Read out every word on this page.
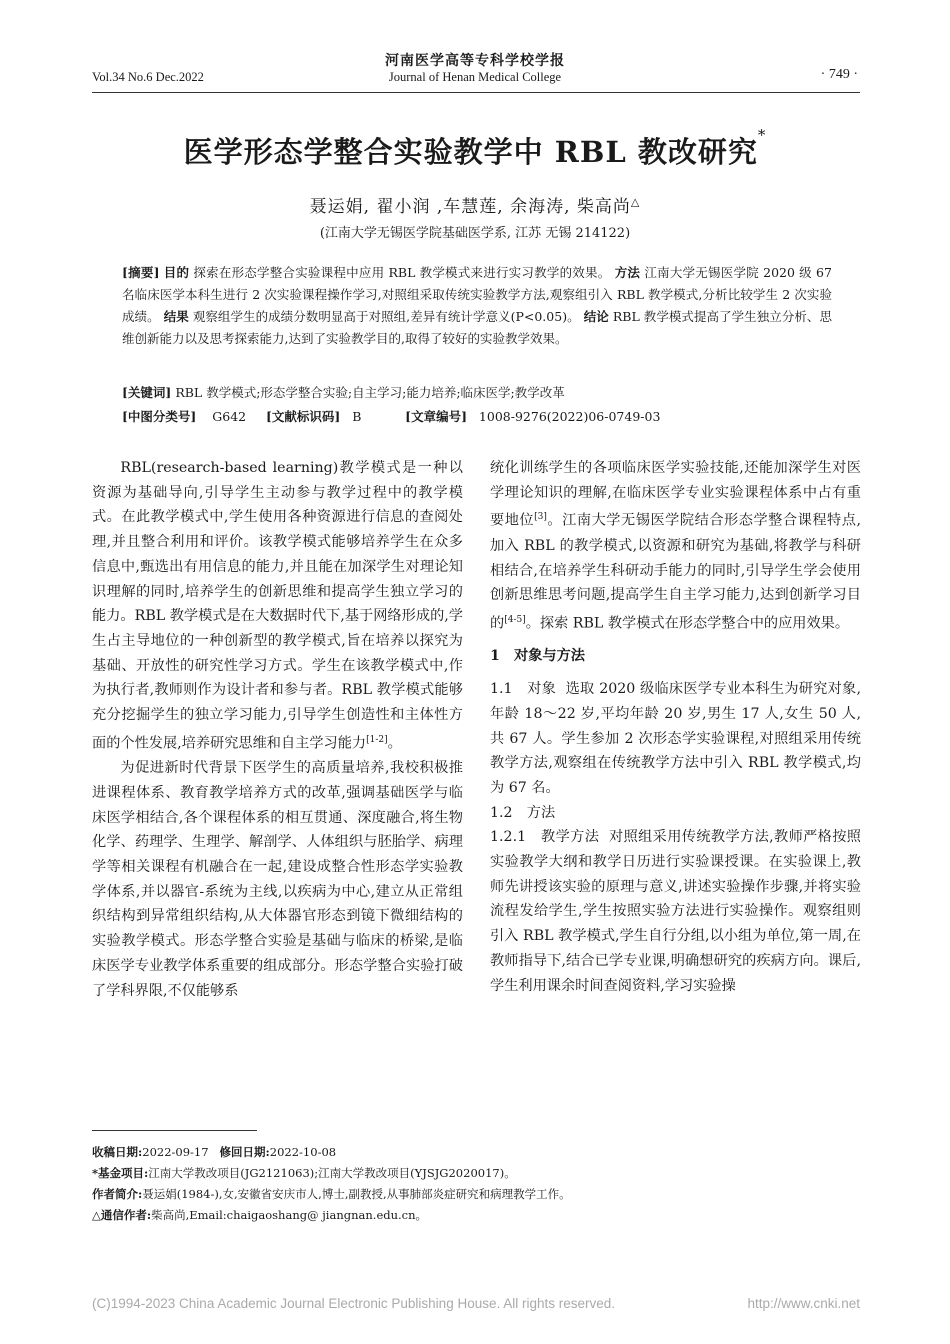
河南医学高等专科学校学报
Vol.34 No.6 Dec.2022	Journal of Henan Medical College	· 749 ·
医学形态学整合实验教学中 RBL 教改研究*
聂运娟, 翟小润 ,车慧莲, 余海涛, 柴高尚△
(江南大学无锡医学院基础医学系, 江苏 无锡 214122)
[摘要] 目的 探索在形态学整合实验课程中应用 RBL 教学模式来进行实习教学的效果。 方法 江南大学无锡医学院 2020 级 67 名临床医学本科生进行 2 次实验课程操作学习,对照组采取传统实验教学方法,观察组引入 RBL 教学模式,分析比较学生 2 次实验成绩。 结果 观察组学生的成绩分数明显高于对照组,差异有统计学意义(P<0.05)。 结论 RBL 教学模式提高了学生独立分析、思维创新能力以及思考探索能力,达到了实验教学目的,取得了较好的实验教学效果。
[关键词] RBL 教学模式;形态学整合实验;自主学习;能力培养;临床医学;教学改革
[中图分类号] G642 [文献标识码] B	[文章编号] 1008-9276(2022)06-0749-03

RBL(research-based learning)教学模式是一种以资源为基础导向,引导学生主动参与教学过程中的教学模式。在此教学模式中,学生使用各种资源进行信息的查阅处理,并且整合利用和评价。该教学模式能够培养学生在众多信息中,甄选出有用信息的能力,并且能在加深学生对理论知识理解的同时,培养学生的创新思维和提高学生独立学习的能力。RBL 教学模式是在大数据时代下,基于网络形成的,学生占主导地位的一种创新型的教学模式,旨在培养以探究为基础、开放性的研究性学习方式。学生在该教学模式中,作为执行者,教师则作为设计者和参与者。RBL 教学模式能够充分挖掘学生的独立学习能力,引导学生创造性和主体性方面的个性发展,培养研究思维和自主学习能力[1-2]。

为促进新时代背景下医学生的高质量培养,我校积极推进课程体系、教育教学培养方式的改革,强调基础医学与临床医学相结合,各个课程体系的相互贯通、深度融合,将生物化学、药理学、生理学、解剖学、人体组织与胚胎学、病理学等相关课程有机融合在一起,建设成整合性形态学实验教学体系,并以器官-系统为主线,以疾病为中心,建立从正常组织结构到异常组织结构,从大体器官形态到镜下微细结构的实验教学模式。形态学整合实验是基础与临床的桥梁,是临床医学专业教学体系重要的组成部分。形态学整合实验打破了学科界限,不仅能够系

统化训练学生的各项临床医学实验技能,还能加深学生对医学理论知识的理解,在临床医学专业实验课程体系中占有重要地位[3]。江南大学无锡医学院结合形态学整合课程特点,加入 RBL 的教学模式,以资源和研究为基础,将教学与科研相结合,在培养学生科研动手能力的同时,引导学生学会使用创新思维思考问题,提高学生自主学习能力,达到创新学习目的[4-5]。探索 RBL 教学模式在形态学整合中的应用效果。

1　对象与方法

1.1　对象 选取 2020 级临床医学专业本科生为研究对象,年龄 18～22 岁,平均年龄 20 岁,男生 17 人,女生 50 人,共 67 人。学生参加 2 次形态学实验课程,对照组采用传统教学方法,观察组在传统教学方法中引入 RBL 教学模式,均为 67 名。

1.2　方法

1.2.1　教学方法 对照组采用传统教学方法,教师严格按照实验教学大纲和教学日历进行实验课授课。在实验课上,教师先讲授该实验的原理与意义,讲述实验操作步骤,并将实验流程发给学生,学生按照实验方法进行实验操作。观察组则引入 RBL 教学模式,学生自行分组,以小组为单位,第一周,在教师指导下,结合已学专业课,明确想研究的疾病方向。课后,学生利用课余时间查阅资料,学习实验操

收稿日期:2022-09-17 修回日期:2022-10-08
*基金项目:江南大学教改项目(JG2121063);江南大学教改项目(YJSJG2020017)。
作者简介:聂运娟(1984-),女,安徽省安庆市人,博士,副教授,从事肺部炎症研究和病理教学工作。
△通信作者:柴高尚,Email:chaigaoshang@ jiangnan.edu.cn。
(C)1994-2023 China Academic Journal Electronic Publishing House. All rights reserved.	http://www.cnki.net
